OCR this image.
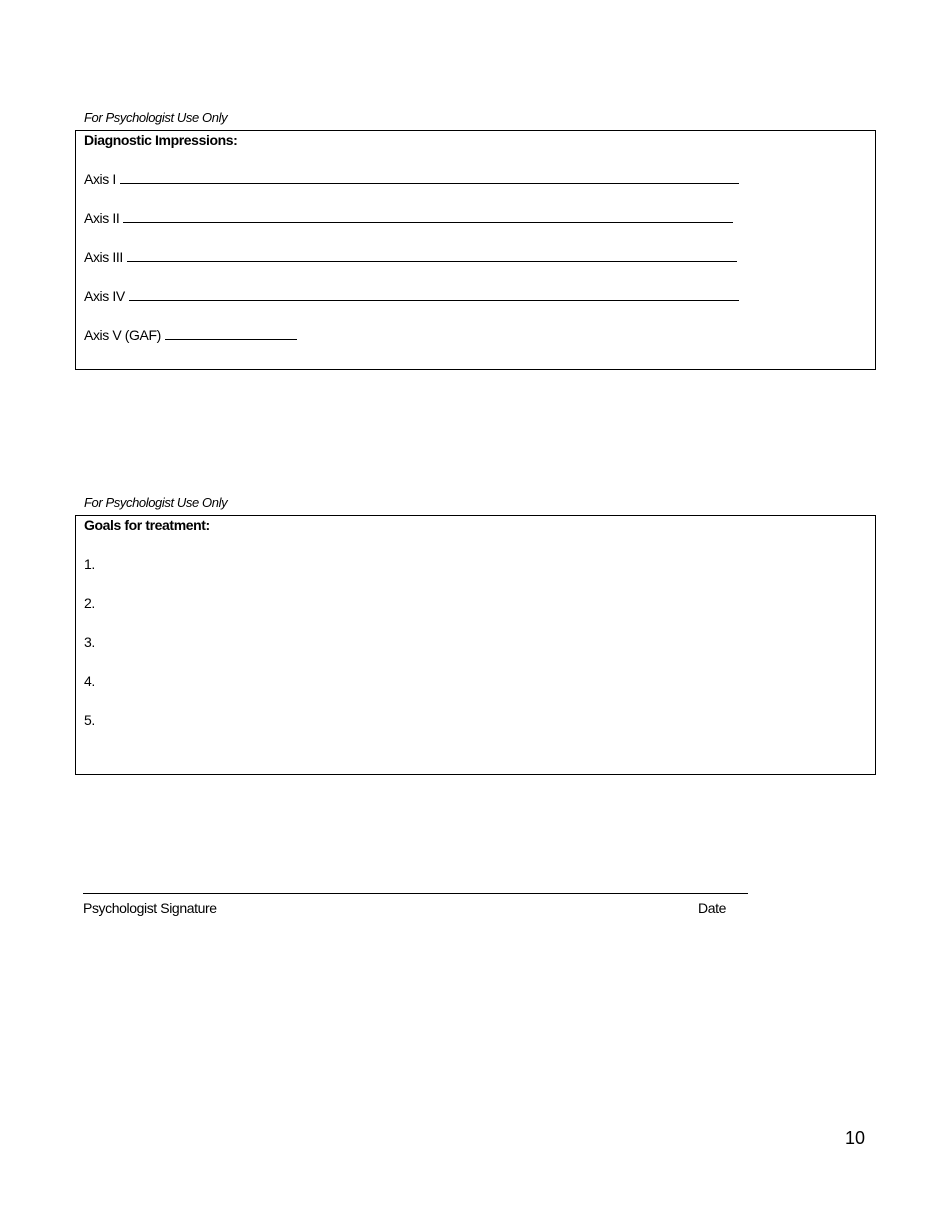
For Psychologist Use Only
Diagnostic Impressions:
Axis I
Axis II
Axis III
Axis IV
Axis V (GAF)
For Psychologist Use Only
Goals for treatment:
1.
2.
3.
4.
5.
Psychologist Signature	Date
10
